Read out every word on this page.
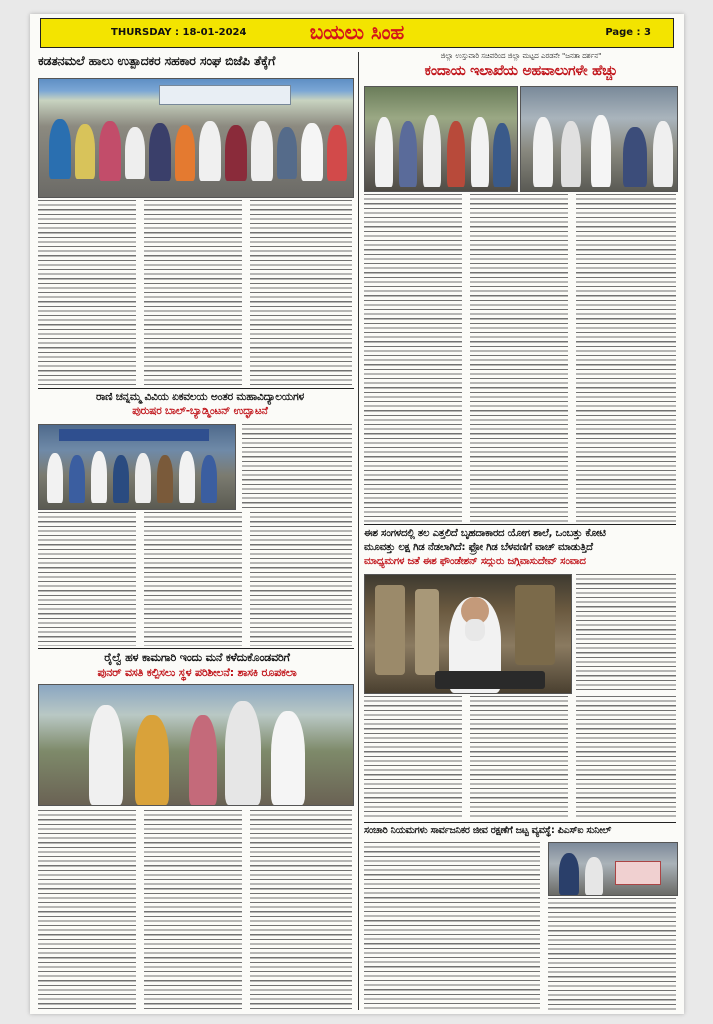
THURSDAY : 18-01-2024	ಬಯಲು ಸಿಂಹ	Page : 3
ಕಡತನಮಲೆ ಹಾಲು ಉತ್ಪಾದಕರ ಸಹಕಾರ ಸಂಘ ಬಿಜೆಪಿ ತೆಕ್ಕೆಗೆ
ರಾಣಿ ಚನ್ನಮ್ಮ ವಿವಿಯ ಏಕವಲಯ ಅಂತರ ಮಹಾವಿದ್ಯಾಲಯಗಳ
ಪುರುಷರ ಬಾಲ್-ಬ್ಯಾಡ್ಮಿಂಟನ್ ಉದ್ಘಾಟನೆ
ರೈಲ್ವೆ ಹಳ ಕಾಮಗಾರಿ ಇಂದು ಮನೆ ಕಳೆದುಕೊಂಡವರಿಗೆ
ಪುನರ್ ವಸತಿ ಕಲ್ಪಿಸಲು ಸ್ಥಳ ಪರಿಶೀಲನೆ: ಶಾಸಕಿ ರೂಪಕಲಾ
ಜಿಲ್ಲಾ ಉಸ್ತುವಾರಿ ಸಚಿವರಿಂದ ಜಿಲ್ಲಾ ಮಟ್ಟದ ಎರಡನೇ "ಜನತಾ ದರ್ಶನ"
ಕಂದಾಯ ಇಲಾಖೆಯ ಅಹವಾಲುಗಳೇ ಹೆಚ್ಚು
ಈಶ ಸಂಗಳದಲ್ಲಿ ತಲ ಎತ್ತಲಿದೆ ಬೃಹದಾಕಾರದ ಯೋಗ ಶಾಲೆ, ಒಂಬತ್ತು ಕೋಟಿ
ಮೂವತ್ತು ಲಕ್ಷ ಗಿಡ ನೆಡಲಾಗಿದೆ: ಫ್ರೋ ಗಿಡ ಬೆಳವಣಿಗೆ ವಾಚ್ ಮಾಡುತ್ತಿದೆ
ಮಾಧ್ಯಮಗಳ ಜತೆ ಈಶ ಫೌಂಡೇಶನ್ ಸದ್ಗುರು ಜಗ್ಗಿವಾಸುದೇವ್ ಸಂವಾದ
ಸಂಚಾರಿ ನಿಯಮಗಳು ಸಾರ್ವಜನಿಕರ ಜೀವ ರಕ್ಷಣೆಗೆ ಜಟ್ಟ ವ್ಯವಸ್ಥೆ: ಪಿಎಸ್ಐ ಸುನೀಲ್
